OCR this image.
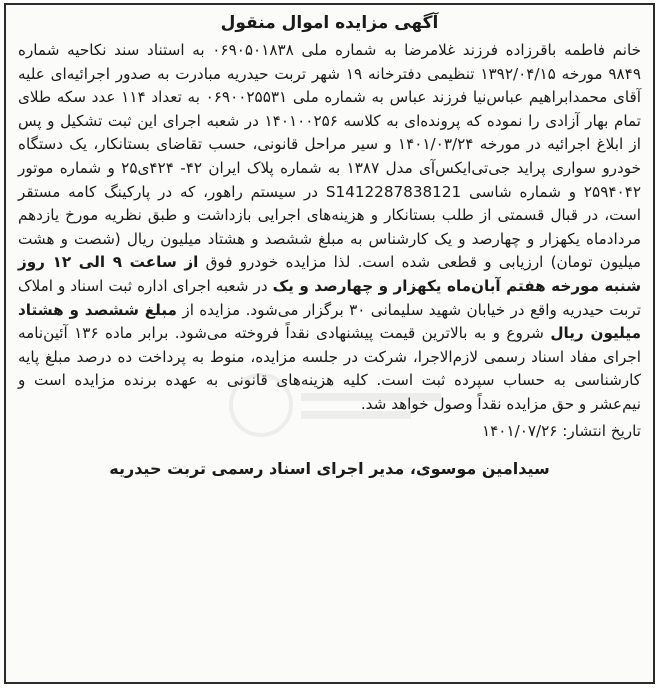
آگهی مزایده اموال منقول
خانم فاطمه باقرزاده فرزند غلامرضا به شماره ملی ۰۶۹۰۵۰۱۸۳۸ به استناد سند نکاحیه شماره ۹۸۴۹ مورخه ۱۳۹۲/۰۴/۱۵ تنظیمی دفترخانه ۱۹ شهر تربت حیدریه مبادرت به صدور اجرائیه‌ای علیه آقای محمدابراهیم عباس‌نیا فرزند عباس به شماره ملی ۰۶۹۰۰۲۵۵۳۱ به تعداد ۱۱۴ عدد سکه طلای تمام بهار آزادی را نموده که پرونده‌ای به کلاسه ۱۴۰۱۰۰۲۵۶ در شعبه اجرای این ثبت تشکیل و پس از ابلاغ اجرائیه در مورخه ۱۴۰۱/۰۳/۲۴ و سیر مراحل قانونی، حسب تقاضای بستانکار، یک دستگاه خودرو سواری پراید جی‌تی‌ایکس‌آی مدل ۱۳۸۷ به شماره پلاک ایران ۴۲- ۴۲۴ی۲۵ و شماره موتور ۲۵۹۴۰۴۲ و شماره شاسی S1412287838121 در سیستم راهور، که در پارکینگ کامه مستقر است، در قبال قسمتی از طلب بستانکار و هزینه‌های اجرایی بازداشت و طبق نظریه مورخ یازدهم مردادماه یکهزار و چهارصد و یک کارشناس به مبلغ ششصد و هشتاد میلیون ریال (شصت و هشت میلیون تومان) ارزیابی و قطعی شده است. لذا مزایده خودرو فوق از ساعت ۹ الی ۱۲ روز شنبه مورخه هفتم آبان‌ماه یکهزار و چهارصد و یک در شعبه اجرای اداره ثبت اسناد و املاک تربت حیدریه واقع در خیابان شهید سلیمانی ۳۰ برگزار می‌شود. مزایده از مبلغ ششصد و هشتاد میلیون ریال شروع و به بالاترین قیمت پیشنهادی نقداً فروخته می‌شود. برابر ماده ۱۳۶ آئین‌نامه اجرای مفاد اسناد رسمی لازم‌الاجرا، شرکت در جلسه مزایده، منوط به پرداخت ده درصد مبلغ پایه کارشناسی به حساب سپرده ثبت است. کلیه هزینه‌های قانونی به عهده برنده مزایده است و نیم‌عشر و حق مزایده نقداً وصول خواهد شد.
تاریخ انتشار: ۱۴۰۱/۰۷/۲۶
سیدامین موسوی، مدیر اجرای اسناد رسمی تربت حیدریه
